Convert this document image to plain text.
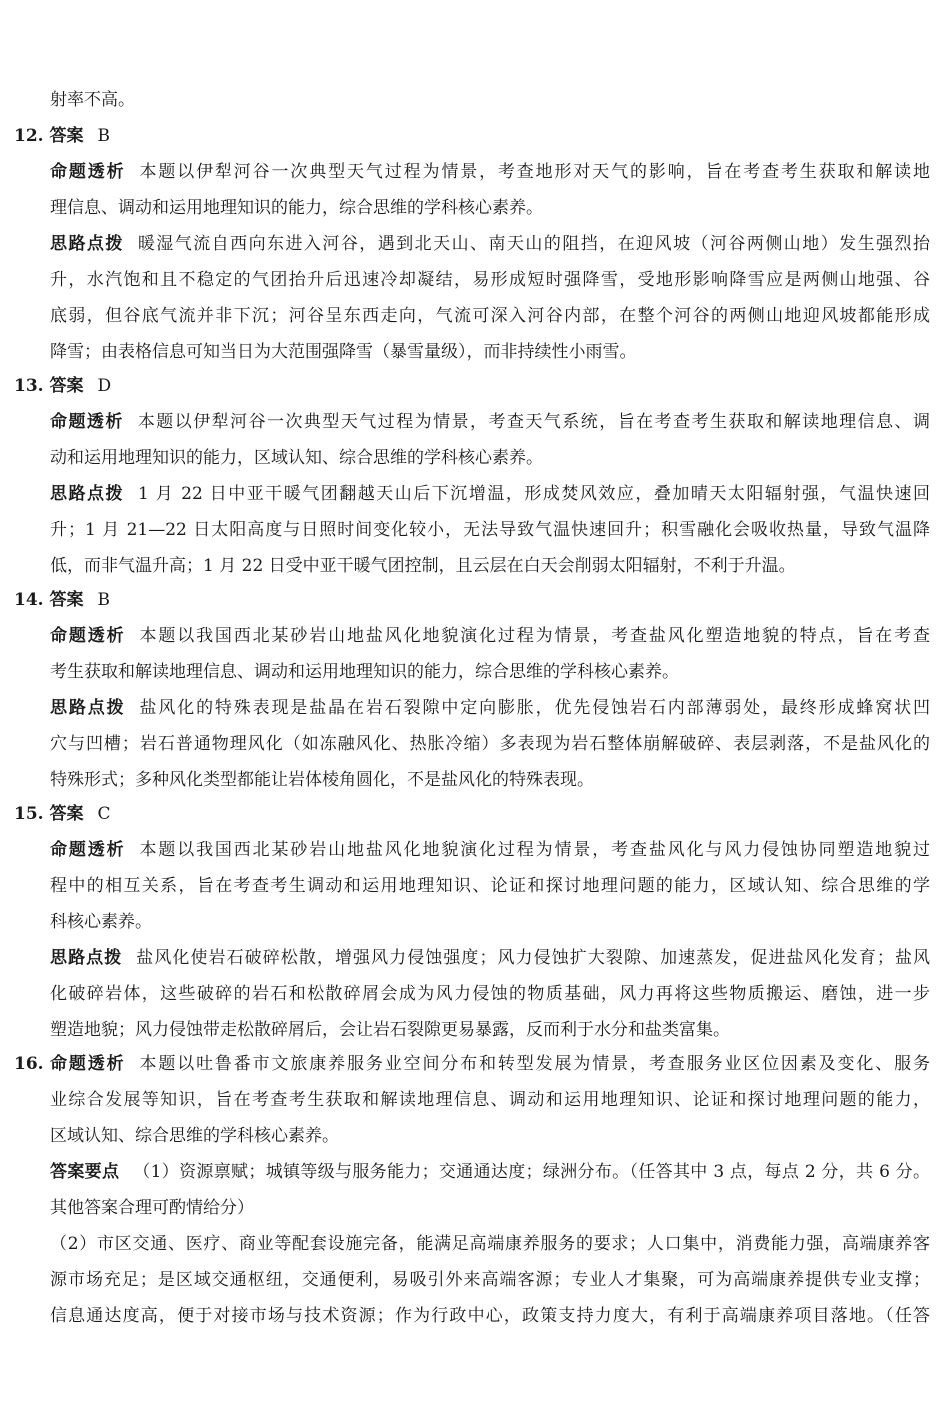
射率不高。
12. 答案 B
命题透析 本题以伊犁河谷一次典型天气过程为情景，考查地形对天气的影响，旨在考查考生获取和解读地
理信息、调动和运用地理知识的能力，综合思维的学科核心素养。
思路点拨 暖湿气流自西向东进入河谷，遇到北天山、南天山的阻挡，在迎风坡（河谷两侧山地）发生强烈抬
升，水汽饱和且不稳定的气团抬升后迅速冷却凝结，易形成短时强降雪，受地形影响降雪应是两侧山地强、谷
底弱，但谷底气流并非下沉；河谷呈东西走向，气流可深入河谷内部，在整个河谷的两侧山地迎风坡都能形成
降雪；由表格信息可知当日为大范围强降雪（暴雪量级），而非持续性小雨雪。
13. 答案 D
命题透析 本题以伊犁河谷一次典型天气过程为情景，考查天气系统，旨在考查考生获取和解读地理信息、调
动和运用地理知识的能力，区域认知、综合思维的学科核心素养。
思路点拨 1 月 22 日中亚干暖气团翻越天山后下沉增温，形成焚风效应，叠加晴天太阳辐射强，气温快速回
升；1 月 21—22 日太阳高度与日照时间变化较小，无法导致气温快速回升；积雪融化会吸收热量，导致气温降
低，而非气温升高；1 月 22 日受中亚干暖气团控制，且云层在白天会削弱太阳辐射，不利于升温。
14. 答案 B
命题透析 本题以我国西北某砂岩山地盐风化地貌演化过程为情景，考查盐风化塑造地貌的特点，旨在考查
考生获取和解读地理信息、调动和运用地理知识的能力，综合思维的学科核心素养。
思路点拨 盐风化的特殊表现是盐晶在岩石裂隙中定向膨胀，优先侵蚀岩石内部薄弱处，最终形成蜂窝状凹
穴与凹槽；岩石普通物理风化（如冻融风化、热胀冷缩）多表现为岩石整体崩解破碎、表层剥落，不是盐风化的
特殊形式；多种风化类型都能让岩体棱角圆化，不是盐风化的特殊表现。
15. 答案 C
命题透析 本题以我国西北某砂岩山地盐风化地貌演化过程为情景，考查盐风化与风力侵蚀协同塑造地貌过
程中的相互关系，旨在考查考生调动和运用地理知识、论证和探讨地理问题的能力，区域认知、综合思维的学
科核心素养。
思路点拨 盐风化使岩石破碎松散，增强风力侵蚀强度；风力侵蚀扩大裂隙、加速蒸发，促进盐风化发育；盐风
化破碎岩体，这些破碎的岩石和松散碎屑会成为风力侵蚀的物质基础，风力再将这些物质搬运、磨蚀，进一步
塑造地貌；风力侵蚀带走松散碎屑后，会让岩石裂隙更易暴露，反而利于水分和盐类富集。
16. 命题透析 本题以吐鲁番市文旅康养服务业空间分布和转型发展为情景，考查服务业区位因素及变化、服务
业综合发展等知识，旨在考查考生获取和解读地理信息、调动和运用地理知识、论证和探讨地理问题的能力，
区域认知、综合思维的学科核心素养。
答案要点 （1）资源禀赋；城镇等级与服务能力；交通通达度；绿洲分布。（任答其中 3 点，每点 2 分，共 6 分。
其他答案合理可酌情给分）
（2）市区交通、医疗、商业等配套设施完备，能满足高端康养服务的要求；人口集中，消费能力强，高端康养客
源市场充足；是区域交通枢纽，交通便利，易吸引外来高端客源；专业人才集聚，可为高端康养提供专业支撑；
信息通达度高，便于对接市场与技术资源；作为行政中心，政策支持力度大，有利于高端康养项目落地。（任答
